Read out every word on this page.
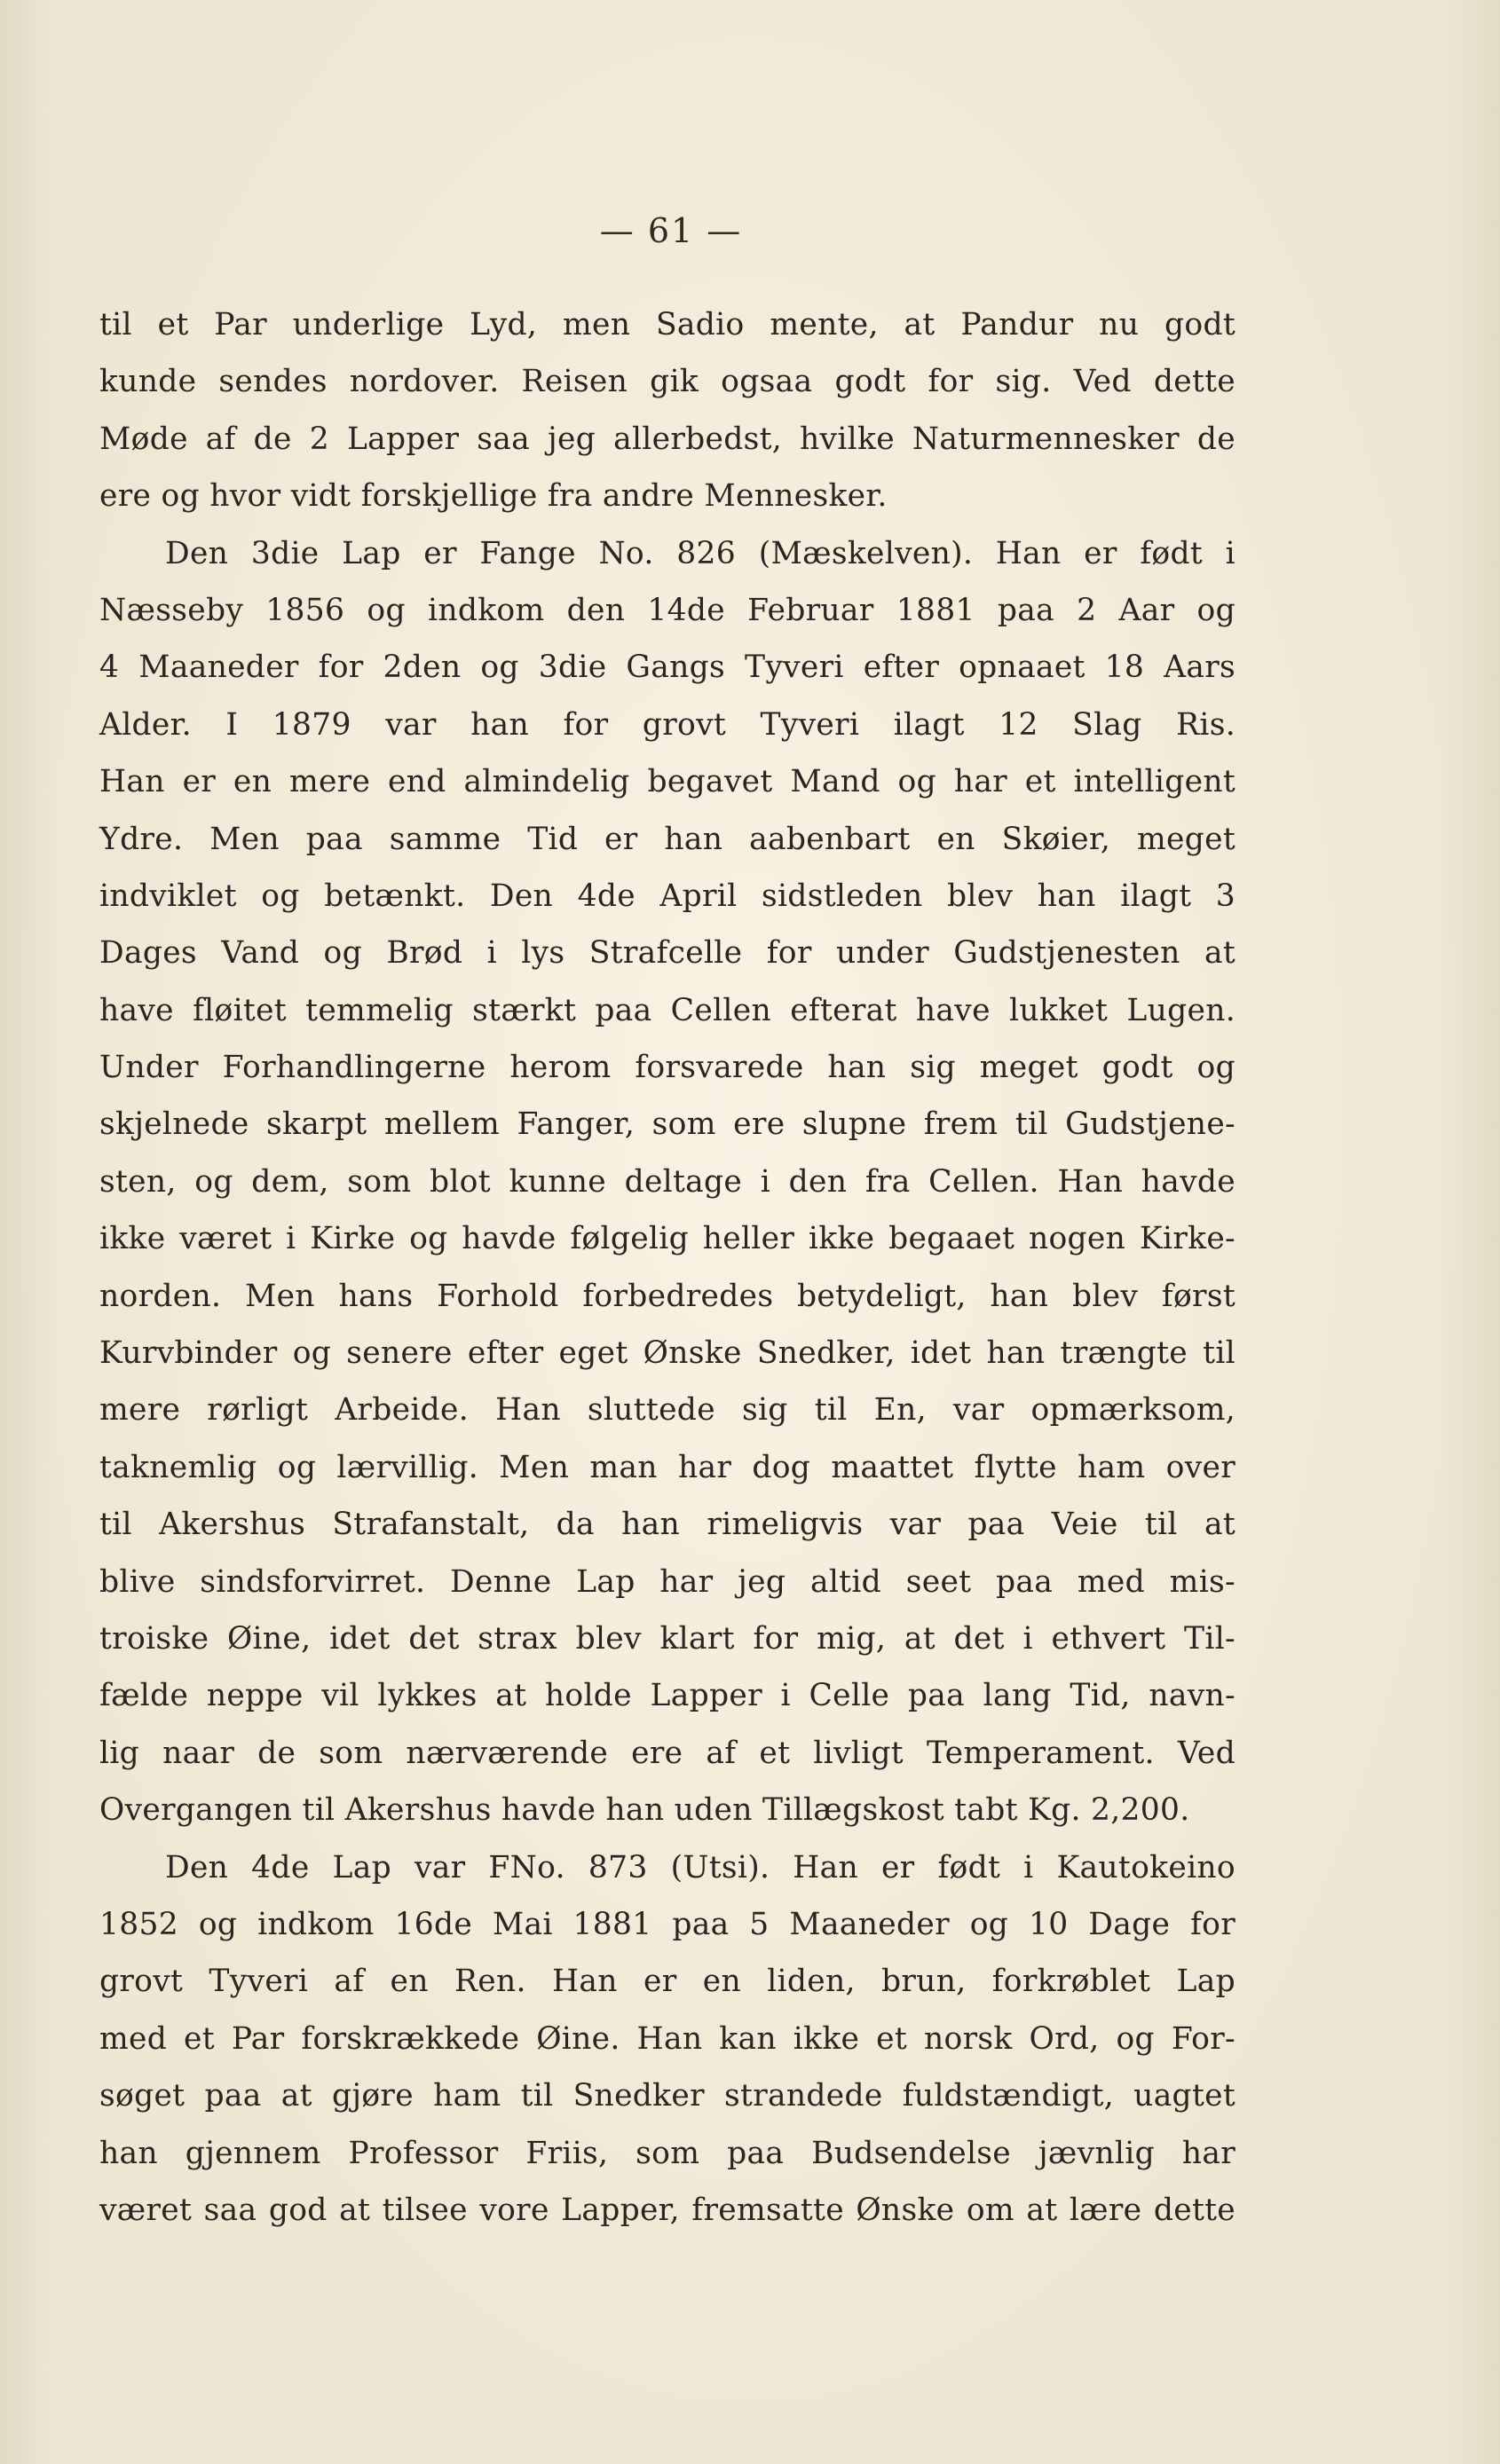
— 61 —
til et Par underlige Lyd, men Sadio mente, at Pandur nu godt
kunde sendes nordover. Reisen gik ogsaa godt for sig. Ved dette
Møde af de 2 Lapper saa jeg allerbedst, hvilke Naturmennesker de
ere og hvor vidt forskjellige fra andre Mennesker.
Den 3die Lap er Fange No. 826 (Mæskelven). Han er født i
Næsseby 1856 og indkom den 14de Februar 1881 paa 2 Aar og
4 Maaneder for 2den og 3die Gangs Tyveri efter opnaaet 18 Aars
Alder. I 1879 var han for grovt Tyveri ilagt 12 Slag Ris.
Han er en mere end almindelig begavet Mand og har et intelligent
Ydre. Men paa samme Tid er han aabenbart en Skøier, meget
indviklet og betænkt. Den 4de April sidstleden blev han ilagt 3
Dages Vand og Brød i lys Strafcelle for under Gudstjenesten at
have fløitet temmelig stærkt paa Cellen efterat have lukket Lugen.
Under Forhandlingerne herom forsvarede han sig meget godt og
skjelnede skarpt mellem Fanger, som ere slupne frem til Gudstjene-
sten, og dem, som blot kunne deltage i den fra Cellen. Han havde
ikke været i Kirke og havde følgelig heller ikke begaaet nogen Kirke-
norden. Men hans Forhold forbedredes betydeligt, han blev først
Kurvbinder og senere efter eget Ønske Snedker, idet han trængte til
mere rørligt Arbeide. Han sluttede sig til En, var opmærksom,
taknemlig og lærvillig. Men man har dog maattet flytte ham over
til Akershus Strafanstalt, da han rimeligvis var paa Veie til at
blive sindsforvirret. Denne Lap har jeg altid seet paa med mis-
troiske Øine, idet det strax blev klart for mig, at det i ethvert Til-
fælde neppe vil lykkes at holde Lapper i Celle paa lang Tid, navn-
lig naar de som nærværende ere af et livligt Temperament. Ved
Overgangen til Akershus havde han uden Tillægskost tabt Kg. 2,200.
Den 4de Lap var FNo. 873 (Utsi). Han er født i Kautokeino
1852 og indkom 16de Mai 1881 paa 5 Maaneder og 10 Dage for
grovt Tyveri af en Ren. Han er en liden, brun, forkrøblet Lap
med et Par forskrækkede Øine. Han kan ikke et norsk Ord, og For-
søget paa at gjøre ham til Snedker strandede fuldstændigt, uagtet
han gjennem Professor Friis, som paa Budsendelse jævnlig har
været saa god at tilsee vore Lapper, fremsatte Ønske om at lære dette
